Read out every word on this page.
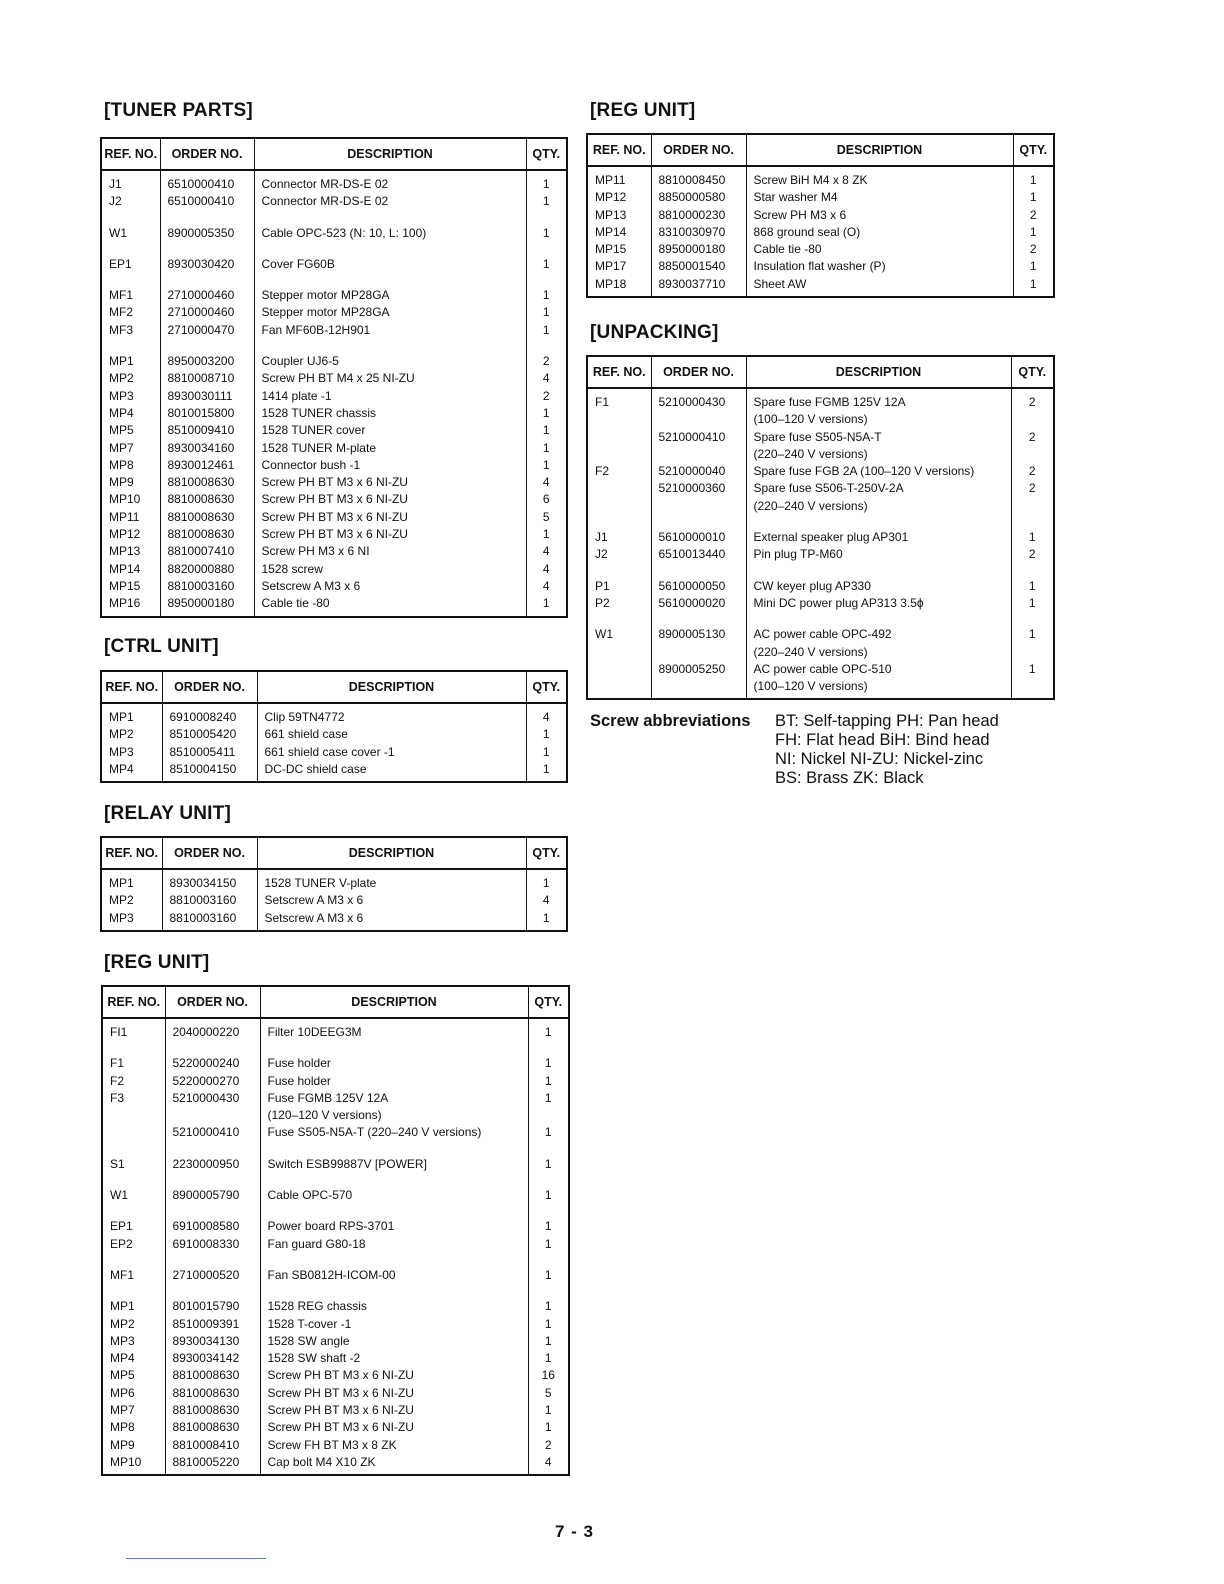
[TUNER PARTS]
REF. NO.	ORDER NO.	DESCRIPTION	QTY.
J1	6510000410	Connector MR-DS-E 02	1
J2	6510000410	Connector MR-DS-E 02	1

W1	8900005350	Cable OPC-523 (N: 10, L: 100)	1

EP1	8930030420	Cover FG60B	1

MF1	2710000460	Stepper motor MP28GA	1
MF2	2710000460	Stepper motor MP28GA	1
MF3	2710000470	Fan MF60B-12H901	1

MP1	8950003200	Coupler UJ6-5	2
MP2	8810008710	Screw PH BT M4 x 25 NI-ZU	4
MP3	8930030111	1414 plate -1	2
MP4	8010015800	1528 TUNER chassis	1
MP5	8510009410	1528 TUNER cover	1
MP7	8930034160	1528 TUNER M-plate	1
MP8	8930012461	Connector bush -1	1
MP9	8810008630	Screw PH BT M3 x 6 NI-ZU	4
MP10	8810008630	Screw PH BT M3 x 6 NI-ZU	6
MP11	8810008630	Screw PH BT M3 x 6 NI-ZU	5
MP12	8810008630	Screw PH BT M3 x 6 NI-ZU	1
MP13	8810007410	Screw PH M3 x 6 NI	4
MP14	8820000880	1528 screw	4
MP15	8810003160	Setscrew A M3 x 6	4
MP16	8950000180	Cable tie -80	1
[CTRL UNIT]
REF. NO.	ORDER NO.	DESCRIPTION	QTY.
MP1	6910008240	Clip 59TN4772	4
MP2	8510005420	661 shield case	1
MP3	8510005411	661 shield case cover -1	1
MP4	8510004150	DC-DC shield case	1
[RELAY UNIT]
REF. NO.	ORDER NO.	DESCRIPTION	QTY.
MP1	8930034150	1528 TUNER V-plate	1
MP2	8810003160	Setscrew A M3 x 6	4
MP3	8810003160	Setscrew A M3 x 6	1
[REG UNIT]
REF. NO.	ORDER NO.	DESCRIPTION	QTY.
FI1	2040000220	Filter 10DEEG3M	1

F1	5220000240	Fuse holder	1
F2	5220000270	Fuse holder	1
F3	5210000430	Fuse FGMB 125V 12A	1
		(120–120 V versions)	
	5210000410	Fuse S505-N5A-T (220–240 V versions)	1

S1	2230000950	Switch ESB99887V [POWER]	1

W1	8900005790	Cable OPC-570	1

EP1	6910008580	Power board RPS-3701	1
EP2	6910008330	Fan guard G80-18	1

MF1	2710000520	Fan SB0812H-ICOM-00	1

MP1	8010015790	1528 REG chassis	1
MP2	8510009391	1528 T-cover -1	1
MP3	8930034130	1528 SW angle	1
MP4	8930034142	1528 SW shaft -2	1
MP5	8810008630	Screw PH BT M3 x 6 NI-ZU	16
MP6	8810008630	Screw PH BT M3 x 6 NI-ZU	5
MP7	8810008630	Screw PH BT M3 x 6 NI-ZU	1
MP8	8810008630	Screw PH BT M3 x 6 NI-ZU	1
MP9	8810008410	Screw FH BT M3 x 8 ZK	2
MP10	8810005220	Cap bolt M4 X10 ZK	4
[REG UNIT]
REF. NO.	ORDER NO.	DESCRIPTION	QTY.
MP11	8810008450	Screw BiH M4 x 8 ZK	1
MP12	8850000580	Star washer M4	1
MP13	8810000230	Screw PH M3 x 6	2
MP14	8310030970	868 ground seal (O)	1
MP15	8950000180	Cable tie -80	2
MP17	8850001540	Insulation flat washer (P)	1
MP18	8930037710	Sheet AW	1
[UNPACKING]
REF. NO.	ORDER NO.	DESCRIPTION	QTY.
F1	5210000430	Spare fuse FGMB 125V 12A	2
		(100–120 V versions)	
	5210000410	Spare fuse S505-N5A-T	2
		(220–240 V versions)	
F2	5210000040	Spare fuse FGB 2A (100–120 V versions)	2
	5210000360	Spare fuse S506-T-250V-2A	2
		(220–240 V versions)	

J1	5610000010	External speaker plug AP301	1
J2	6510013440	Pin plug TP-M60	2

P1	5610000050	CW keyer plug AP330	1
P2	5610000020	Mini DC power plug AP313 3.5ϕ	1

W1	8900005130	AC power cable OPC-492	1
		(220–240 V versions)	
	8900005250	AC power cable OPC-510	1
		(100–120 V versions)	
Screw abbreviations BT: Self-tapping PH: Pan head
FH: Flat head BiH: Bind head
NI: Nickel NI-ZU: Nickel-zinc
BS: Brass ZK: Black
7 - 3
